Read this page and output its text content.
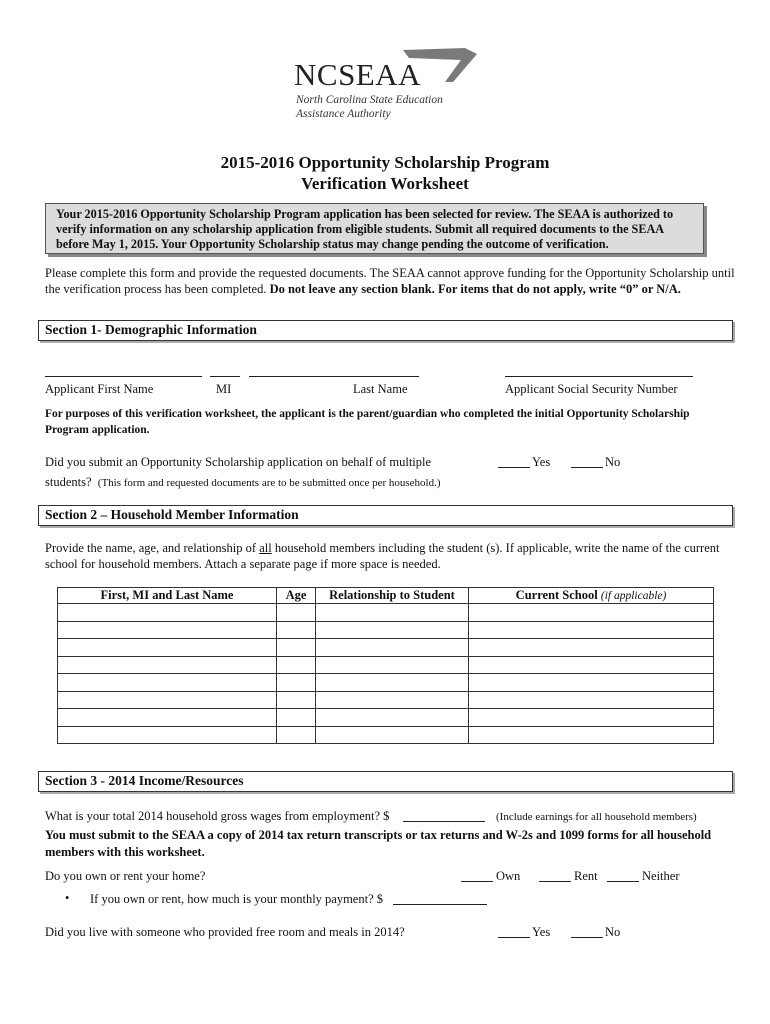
NCSEAA
North Carolina State Education
Assistance Authority
2015-2016 Opportunity Scholarship Program
Verification Worksheet

Your 2015-2016 Opportunity Scholarship Program application has been selected for review. The SEAA is authorized to verify information on any scholarship application from eligible students. Submit all required documents to the SEAA before May 1, 2015. Your Opportunity Scholarship status may change pending the outcome of verification.

Please complete this form and provide the requested documents. The SEAA cannot approve funding for the Opportunity Scholarship until the verification process has been completed. Do not leave any section blank. For items that do not apply, write “0” or N/A.
Section 1- Demographic Information
Applicant First Name	MI	Last Name	Applicant Social Security Number
For purposes of this verification worksheet, the applicant is the parent/guardian who completed the initial Opportunity Scholarship Program application.
Did you submit an Opportunity Scholarship application on behalf of multiple	Yes	No
students? (This form and requested documents are to be submitted once per household.)
Section 2 – Household Member Information
Provide the name, age, and relationship of all household members including the student (s). If applicable, write the name of the current school for household members. Attach a separate page if more space is needed.
First, MI and Last Name	Age	Relationship to Student	Current School (if applicable)

Section 3 - 2014 Income/Resources
What is your total 2014 household gross wages from employment? $	(Include earnings for all household members)
You must submit to the SEAA a copy of 2014 tax return transcripts or tax returns and W-2s and 1099 forms for all household members with this worksheet.
Do you own or rent your home?	Own	Rent	Neither
• If you own or rent, how much is your monthly payment? $
Did you live with someone who provided free room and meals in 2014?	Yes	No
